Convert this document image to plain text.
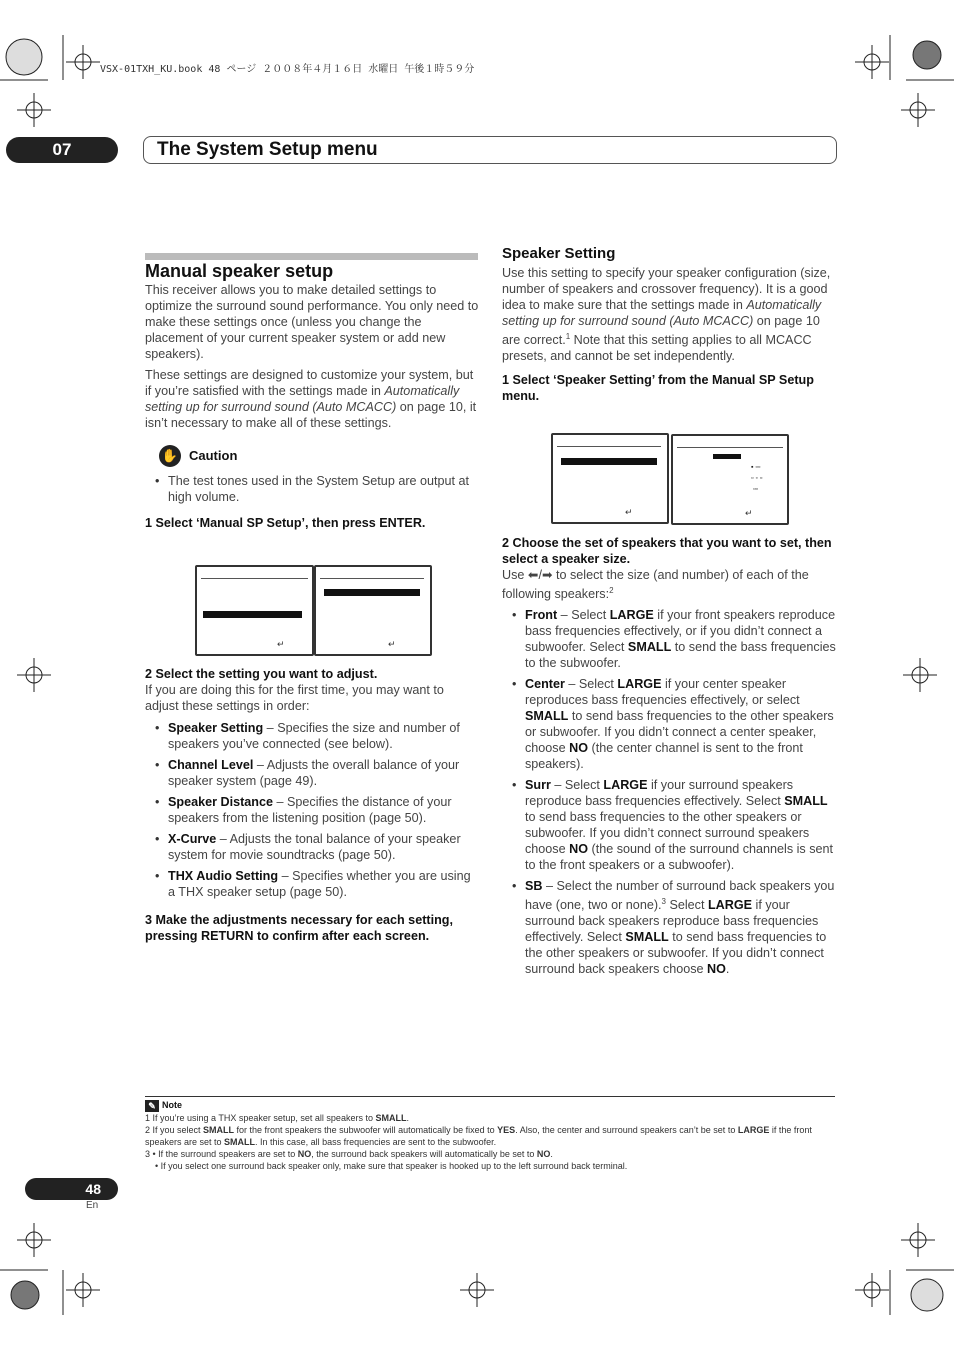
VSX-01TXH_KU.book 48 ページ ２００８年４月１６日 水曜日 午後１時５９分
07	The System Setup menu
Manual speaker setup

This receiver allows you to make detailed settings to optimize the surround sound performance. You only need to make these settings once (unless you change the placement of your current speaker system or add new speakers).

These settings are designed to customize your system, but if you’re satisfied with the settings made in Automatically setting up for surround sound (Auto MCACC) on page 10, it isn’t necessary to make all of these settings.

✋ Caution
• The test tones used in the System Setup are output at high volume.
1 Select ‘Manual SP Setup’, then press ENTER.
↵	↵
2 Select the setting you want to adjust.

If you are doing this for the first time, you may want to adjust these settings in order:

• Speaker Setting – Specifies the size and number of speakers you’ve connected (see below).
• Channel Level – Adjusts the overall balance of your speaker system (page 49).
• Speaker Distance – Specifies the distance of your speakers from the listening position (page 50).
• X-Curve – Adjusts the tonal balance of your speaker system for movie soundtracks (page 50).
• THX Audio Setting – Specifies whether you are using a THX speaker setup (page 50).
3 Make the adjustments necessary for each setting, pressing RETURN to confirm after each screen.
Speaker Setting

Use this setting to specify your speaker configuration (size, number of speakers and crossover frequency). It is a good idea to make sure that the settings made in Automatically setting up for surround sound (Auto MCACC) on page 10 are correct.$^1$ Note that this setting applies to all MCACC presets, and cannot be set independently.

1 Select ‘Speaker Setting’ from the Manual SP Setup menu.
↵
▪ ▫▫
▫ ◦ ▫
▫▫
↵
2 Choose the set of speakers that you want to set, then select a speaker size.

Use ⬅/➡ to select the size (and number) of each of the following speakers:$^2$

• Front – Select LARGE if your front speakers reproduce bass frequencies effectively, or if you didn’t connect a subwoofer. Select SMALL to send the bass frequencies to the subwoofer.
• Center – Select LARGE if your center speaker reproduces bass frequencies effectively, or select SMALL to send bass frequencies to the other speakers or subwoofer. If you didn’t connect a center speaker, choose NO (the center channel is sent to the front speakers).
• Surr – Select LARGE if your surround speakers reproduce bass frequencies effectively. Select SMALL to send bass frequencies to the other speakers or subwoofer. If you didn’t connect surround speakers choose NO (the sound of the surround channels is sent to the front speakers or a subwoofer).
• SB – Select the number of surround back speakers you have (one, two or none).$^3$ Select LARGE if your surround back speakers reproduce bass frequencies effectively. Select SMALL to send bass frequencies to the other speakers or subwoofer. If you didn’t connect surround back speakers choose NO.
✎ Note
1 If you’re using a THX speaker setup, set all speakers to SMALL.
2 If you select SMALL for the front speakers the subwoofer will automatically be fixed to YES. Also, the center and surround speakers can’t be set to LARGE if the front speakers are set to SMALL. In this case, all bass frequencies are sent to the subwoofer.
3 • If the surround speakers are set to NO, the surround back speakers will automatically be set to NO.
• If you select one surround back speaker only, make sure that speaker is hooked up to the left surround back terminal.
48
En
